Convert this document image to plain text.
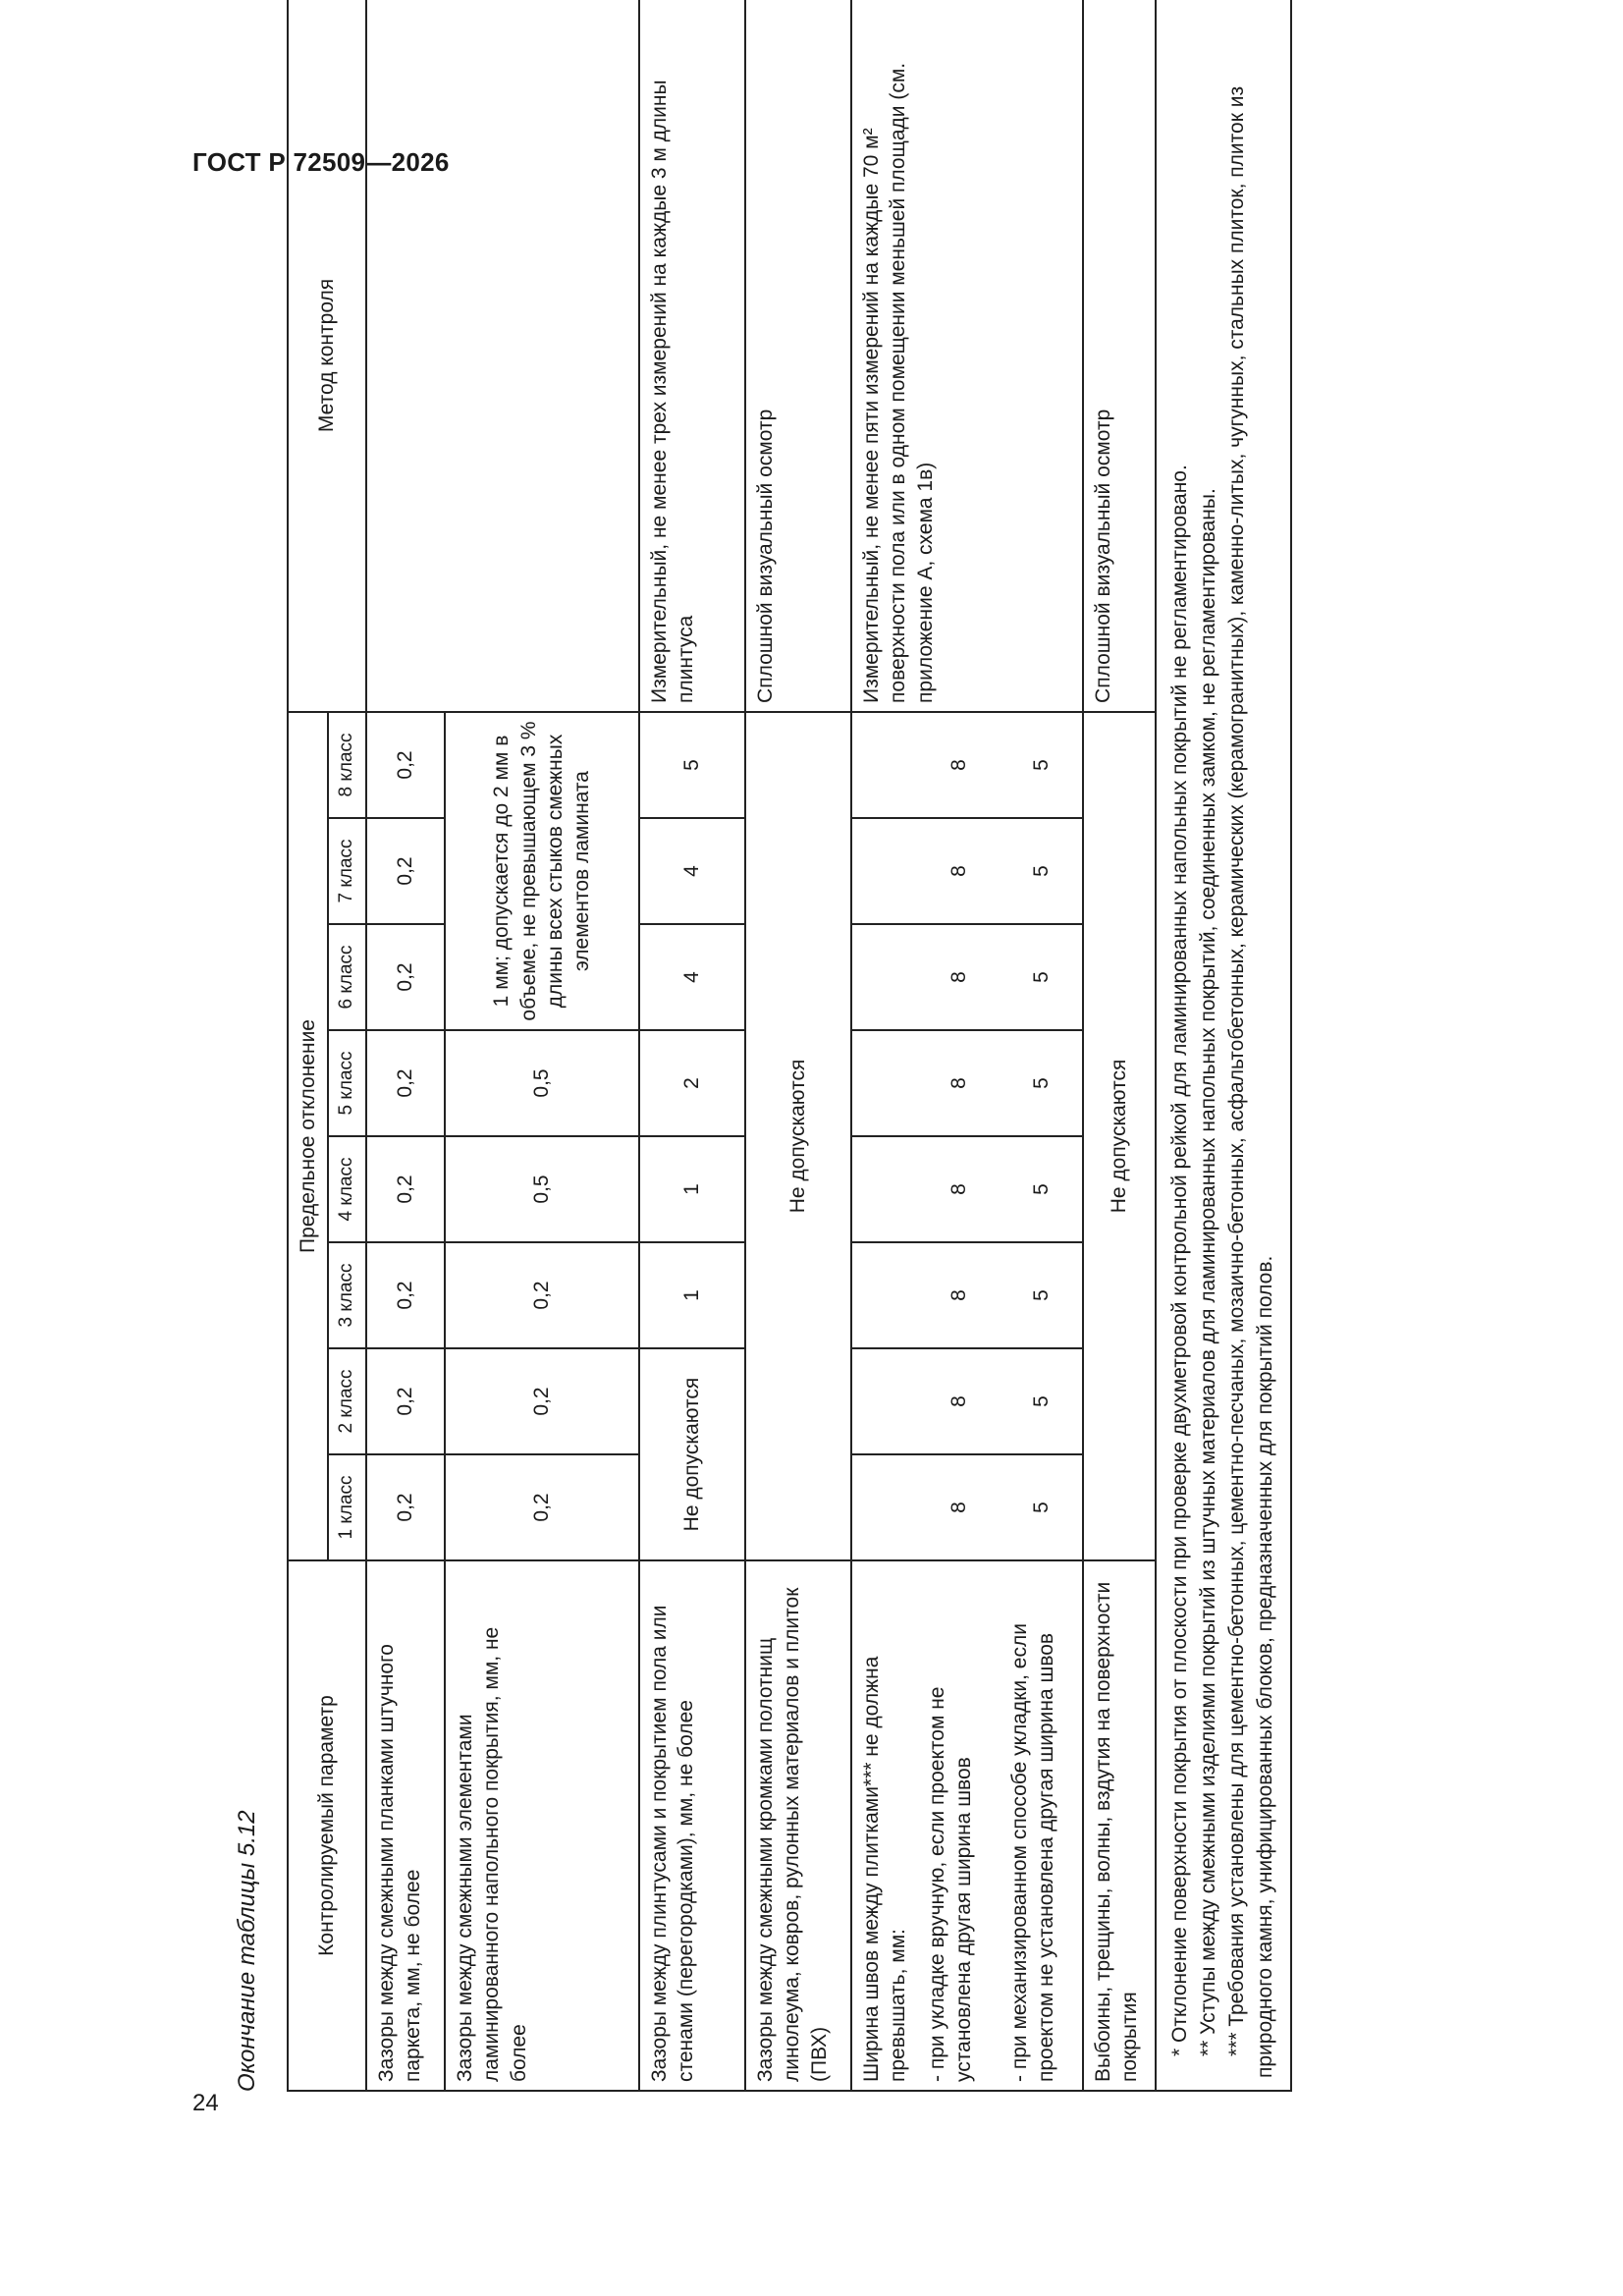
ГОСТ Р 72509—2026
24
Окончание таблицы 5.12	Контролируемый параметр	Предельное отклонение								Метод контроля
	1 класс	2 класс	3 класс	4 класс	5 класс	6 класс	7 класс	8 класс	
Зазоры между смежными планками штучного паркета, мм, не более	0,2	0,2	0,2	0,2	0,2	0,2	0,2	0,2	
Зазоры между смежными элементами ламинированного напольного покрытия, мм, не более	0,2	0,2	0,2	0,5	0,5	1 мм; допускается до 2 мм в объеме, не превышающем 3 % длины всех стыков смежных элементов ламината			
Зазоры между плинтусами и покрытием пола или стенами (перегородками), мм, не более	Не допускаются		1	1	2	4	4	5	Измерительный, не менее трех измерений на каждые 3 м длины плинтуса
Зазоры между смежными кромками полотнищ линолеума, ковров, рулонных материалов и плиток (ПВХ)	Не допускаются								Сплошной визуальный осмотр
Ширина швов между плитками*** не должна превышать, мм:									Измерительный, не менее пяти измерений на каждые 70 м² поверхности пола или в одном помещении меньшей площади (см. приложение А, схема 1в)
- при укладке вручную, если проектом не установлена другая ширина швов	8	8	8	8	8	8	8	8	
- при механизированном способе укладки, если проектом не установлена другая ширина швов	5	5	5	5	5	5	5	5	
Выбоины, трещины, волны, вздутия на поверхности покрытия	Не допускаются								Сплошной визуальный осмотр

* Отклонение поверхности покрытия от плоскости при проверке двухметровой контрольной рейкой для ламинированных напольных покрытий не регламентировано. ** Уступы между смежными изделиями покрытий из штучных материалов для ламинированных напольных покрытий, соединенных замком, не регламентированы. *** Требования установлены для цементно-бетонных, цементно-песчаных, мозаично-бетонных, асфальтобетонных, керамических (керамогранитных), каменно-литых, чугунных, стальных плиток, плиток из природного камня, унифицированных блоков, предназначенных для покрытий полов.									
